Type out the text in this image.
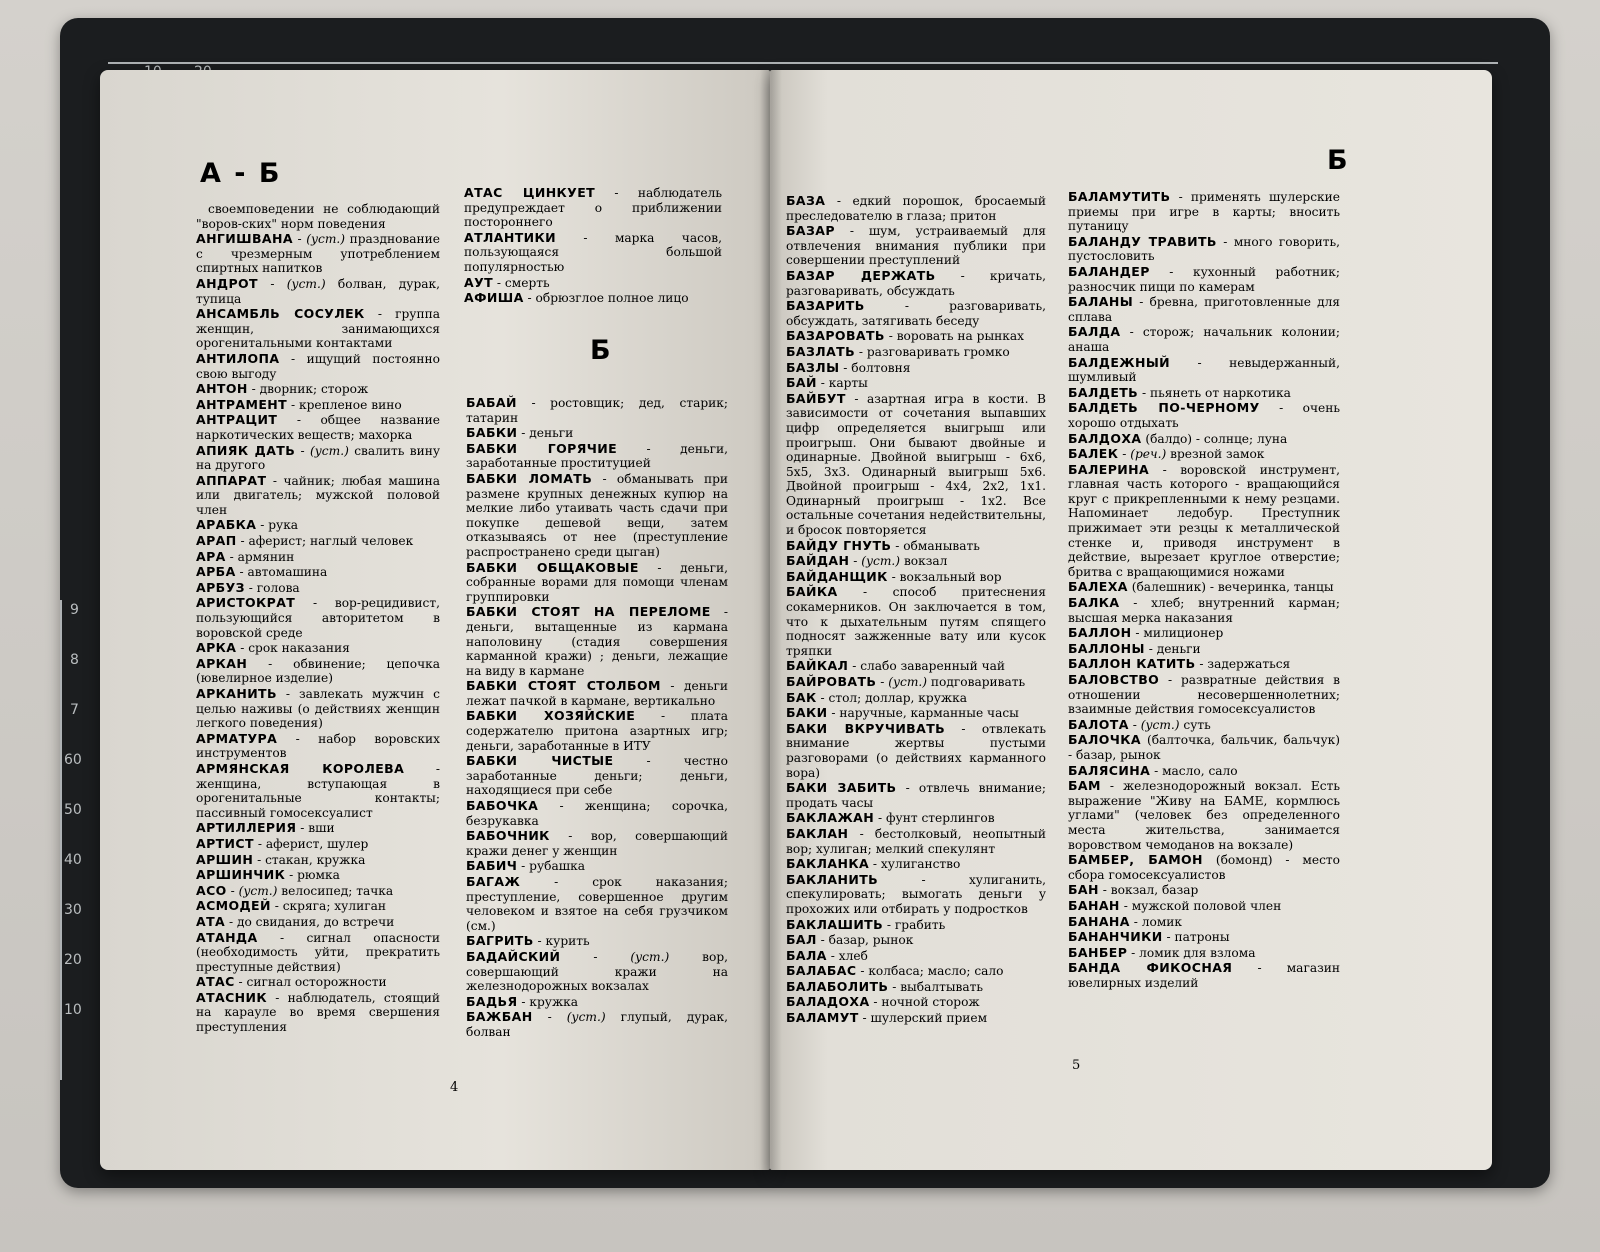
9
8
7
60
50
40
30
20
10
А - Б
Б
Б
своемповедении не соблюдающий "воров-ских" норм поведения
АНГИШВАНА - (уст.) празднование с чрезмерным употреблением спиртных напитков
АНДРОТ - (уст.) болван, дурак, тупица
АНСАМБЛЬ СОСУЛЕК - группа женщин, занимающихся орогенитальными контактами
АНТИЛОПА - ищущий постоянно свою выгоду
АНТОН - дворник; сторож
АНТРАМЕНТ - крепленое вино
АНТРАЦИТ - общее название наркотических веществ; махорка
АПИЯК ДАТЬ - (уст.) свалить вину на другого
АППАРАТ - чайник; любая машина или двигатель; мужской половой член
АРАБКА - рука
АРАП - аферист; наглый человек
АРА - армянин
АРБА - автомашина
АРБУЗ - голова
АРИСТОКРАТ - вор-рецидивист, пользующийся авторитетом в воровской среде
АРКА - срок наказания
АРКАН - обвинение; цепочка (ювелирное изделие)
АРКАНИТЬ - завлекать мужчин с целью наживы (о действиях женщин легкого поведения)
АРМАТУРА - набор воровских инструментов
АРМЯНСКАЯ КОРОЛЕВА	- женщина, вступающая в орогенитальные контакты; пассивный гомосексуалист
АРТИЛЛЕРИЯ - вши
АРТИСТ - аферист, шулер
АРШИН - стакан, кружка
АРШИНЧИК - рюмка
АСО - (уст.) велосипед; тачка
АСМОДЕЙ - скряга; хулиган
АТА - до свидания, до встречи
АТАНДА - сигнал опасности (необходимость уйти, прекратить преступные действия)
АТАС - сигнал осторожности
АТАСНИК - наблюдатель, стоящий на карауле во время свершения преступления
АТАС ЦИНКУЕТ - наблюдатель предупреждает о приближении постороннего
АТЛАНТИКИ - марка часов, пользующаяся большой популярностью
АУТ - смерть
АФИША - обрюзглое полное лицо
БАБАЙ - ростовщик; дед, старик; татарин
БАБКИ - деньги
БАБКИ ГОРЯЧИЕ - деньги, заработанные проституцией
БАБКИ ЛОМАТЬ - обманывать при размене крупных денежных купюр на мелкие либо утаивать часть сдачи при покупке дешевой вещи, затем отказываясь от нее (преступление распространено среди цыган)
БАБКИ ОБЩАКОВЫЕ - деньги, собранные ворами для помощи членам группировки
БАБКИ СТОЯТ НА ПЕРЕЛОМЕ - деньги, вытащенные из кармана наполовину (стадия совершения карманной кражи) ; деньги, лежащие на виду в кармане
БАБКИ СТОЯТ СТОЛБОМ - деньги лежат пачкой в кармане, вертикально
БАБКИ ХОЗЯЙСКИЕ - плата содержателю притона азартных игр; деньги, заработанные в ИТУ
БАБКИ ЧИСТЫЕ	- честно заработанные деньги; деньги, находящиеся при себе
БАБОЧКА - женщина; сорочка, безрукавка
БАБОЧНИК - вор, совершающий кражи денег у женщин
БАБИЧ - рубашка
БАГАЖ	- срок наказания; преступление, совершенное другим человеком и взятое на себя грузчиком (см.)
БАГРИТЬ - курить
БАДАЙСКИЙ	- (уст.)	вор, совершающий кражи на железнодорожных вокзалах
БАДЬЯ - кружка
БАЖБАН - (уст.) глупый, дурак, болван
БАЗА - едкий порошок, бросаемый преследователю в глаза; притон
БАЗАР - шум, устраиваемый для отвлечения внимания публики при совершении преступлений
БАЗАР ДЕРЖАТЬ - кричать, разговаривать, обсуждать
БАЗАРИТЬ	- разговаривать, обсуждать, затягивать беседу
БАЗАРОВАТЬ - воровать на рынках
БАЗЛАТЬ - разговаривать громко
БАЗЛЫ - болтовня
БАЙ - карты
БАЙБУТ - азартная игра в кости. В зависимости от сочетания выпавших цифр определяется выигрыш или проигрыш. Они бывают двойные и одинарные. Двойной выигрыш - 6х6, 5х5, 3х3. Одинарный выигрыш 5х6. Двойной проигрыш - 4х4, 2х2, 1х1. Одинарный проигрыш - 1х2. Все остальные сочетания недействительны, и бросок повторяется
БАЙДУ ГНУТЬ - обманывать
БАЙДАН - (уст.) вокзал
БАЙДАНЩИК - вокзальный вор
БАЙКА - способ притеснения сокамерников. Он заключается в том, что к дыхательным путям спящего подносят зажженные вату или кусок тряпки
БАЙКАЛ - слабо заваренный чай
БАЙРОВАТЬ - (уст.) подговаривать
БАК - стол; доллар, кружка
БАКИ - наручные, карманные часы
БАКИ ВКРУЧИВАТЬ - отвлекать внимание жертвы пустыми разговорами (о действиях карманного вора)
БАКИ ЗАБИТЬ - отвлечь внимание; продать часы
БАКЛАЖАН - фунт стерлингов
БАКЛАН - бестолковый, неопытный вор; хулиган; мелкий спекулянт
БАКЛАНКА - хулиганство
БАКЛАНИТЬ	- хулиганить, спекулировать; вымогать деньги у прохожих или отбирать у подростков
БАКЛАШИТЬ - грабить
БАЛ - базар, рынок
БАЛА - хлеб
БАЛАБАС - колбаса; масло; сало
БАЛАБОЛИТЬ - выбалтывать
БАЛАДОХА - ночной сторож
БАЛАМУТ - шулерский прием
БАЛАМУТИТЬ - применять шулерские приемы при игре в карты; вносить путаницу
БАЛАНДУ ТРАВИТЬ - много говорить, пустословить
БАЛАНДЕР - кухонный работник; разносчик пищи по камерам
БАЛАНЫ - бревна, приготовленные для сплава
БАЛДА - сторож; начальник колонии; анаша
БАЛДЕЖНЫЙ - невыдержанный, шумливый
БАЛДЕТЬ - пьянеть от наркотика
БАЛДЕТЬ ПО-ЧЕРНОМУ - очень хорошо отдыхать
БАЛДОХА (балдо) - солнце; луна
БАЛЕК - (реч.) врезной замок
БАЛЕРИНА - воровской инструмент, главная часть которого - вращающийся круг с прикрепленными к нему резцами. Напоминает ледобур. Преступник прижимает эти резцы к металлической стенке и, приводя инструмент в действие, вырезает круглое отверстие; бритва с вращающимися ножами
БАЛЕХА (балешник) - вечеринка, танцы
БАЛКА - хлеб; внутренний карман; высшая мерка наказания
БАЛЛОН - милиционер
БАЛЛОНЫ - деньги
БАЛЛОН КАТИТЬ - задержаться
БАЛОВСТВО - развратные действия в отношении несовершеннолетних; взаимные действия гомосексуалистов
БАЛОТА - (уст.) суть
БАЛОЧКА (балточка, бальчик, бальчук) - базар, рынок
БАЛЯСИНА - масло, сало
БАМ - железнодорожный вокзал. Есть выражение "Живу на БАМЕ, кормлюсь углами" (человек без определенного места жительства, занимается воровством чемоданов на вокзале)
БАМБЕР, БАМОН (бомонд) - место сбора гомосексуалистов
БАН - вокзал, базар
БАНАН - мужской половой член
БАНАНА - ломик
БАНАНЧИКИ - патроны
БАНБЕР - ломик для взлома
БАНДА ФИКОСНАЯ - магазин ювелирных изделий
4
5
